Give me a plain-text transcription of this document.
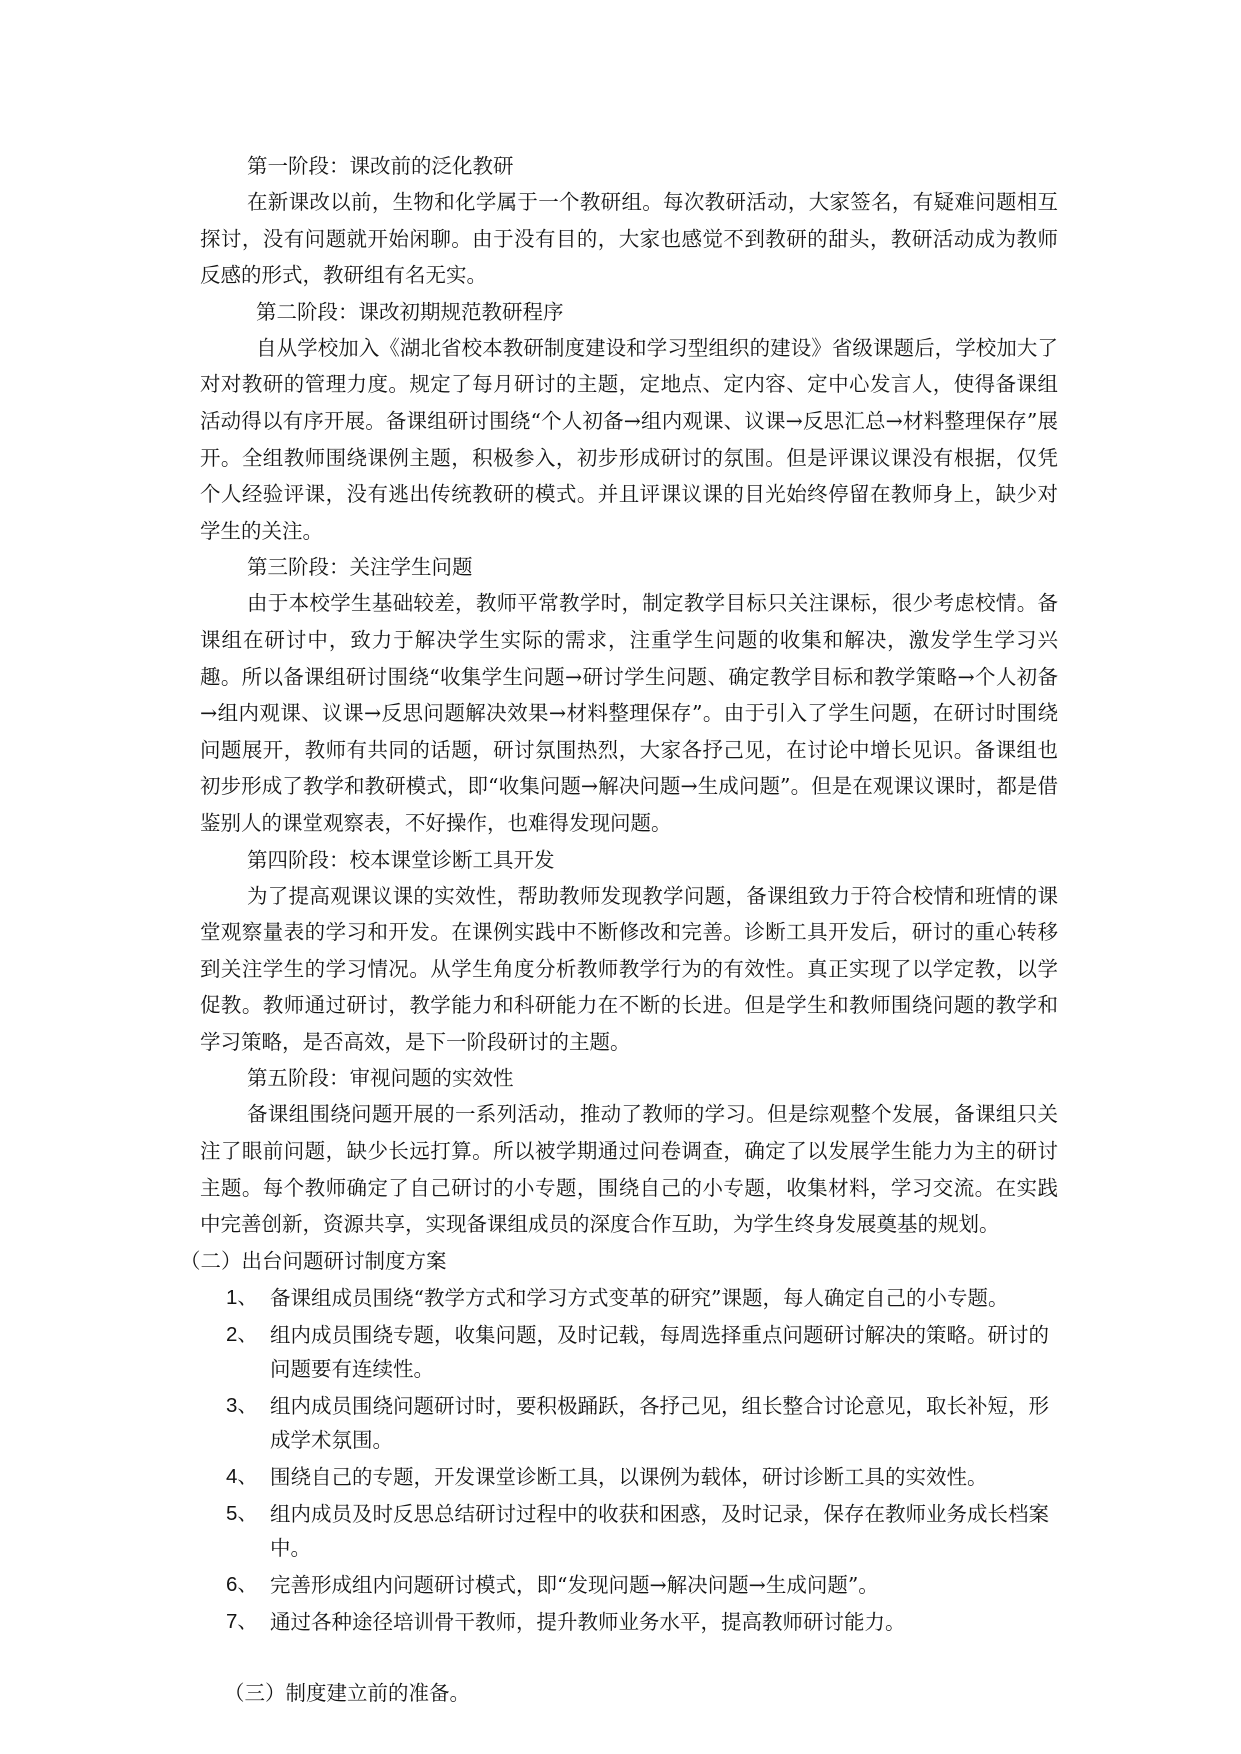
第一阶段：课改前的泛化教研

在新课改以前，生物和化学属于一个教研组。每次教研活动，大家签名，有疑难问题相互探讨，没有问题就开始闲聊。由于没有目的，大家也感觉不到教研的甜头，教研活动成为教师反感的形式，教研组有名无实。

第二阶段：课改初期规范教研程序

自从学校加入《湖北省校本教研制度建设和学习型组织的建设》省级课题后，学校加大了对对教研的管理力度。规定了每月研讨的主题，定地点、定内容、定中心发言人，使得备课组活动得以有序开展。备课组研讨围绕“个人初备→组内观课、议课→反思汇总→材料整理保存”展开。全组教师围绕课例主题，积极参入，初步形成研讨的氛围。但是评课议课没有根据，仅凭个人经验评课，没有逃出传统教研的模式。并且评课议课的目光始终停留在教师身上，缺少对学生的关注。

第三阶段：关注学生问题

由于本校学生基础较差，教师平常教学时，制定教学目标只关注课标，很少考虑校情。备课组在研讨中，致力于解决学生实际的需求，注重学生问题的收集和解决，激发学生学习兴趣。所以备课组研讨围绕“收集学生问题→研讨学生问题、确定教学目标和教学策略→个人初备→组内观课、议课→反思问题解决效果→材料整理保存”。由于引入了学生问题，在研讨时围绕问题展开，教师有共同的话题，研讨氛围热烈，大家各抒己见，在讨论中增长见识。备课组也初步形成了教学和教研模式，即“收集问题→解决问题→生成问题”。但是在观课议课时，都是借鉴别人的课堂观察表，不好操作，也难得发现问题。

第四阶段：校本课堂诊断工具开发

为了提高观课议课的实效性，帮助教师发现教学问题，备课组致力于符合校情和班情的课堂观察量表的学习和开发。在课例实践中不断修改和完善。诊断工具开发后，研讨的重心转移到关注学生的学习情况。从学生角度分析教师教学行为的有效性。真正实现了以学定教，以学促教。教师通过研讨，教学能力和科研能力在不断的长进。但是学生和教师围绕问题的教学和学习策略，是否高效，是下一阶段研讨的主题。

第五阶段：审视问题的实效性

备课组围绕问题开展的一系列活动，推动了教师的学习。但是综观整个发展，备课组只关注了眼前问题，缺少长远打算。所以被学期通过问卷调查，确定了以发展学生能力为主的研讨主题。每个教师确定了自己研讨的小专题，围绕自己的小专题，收集材料，学习交流。在实践中完善创新，资源共享，实现备课组成员的深度合作互助，为学生终身发展奠基的规划。

（二）出台问题研讨制度方案

1、 备课组成员围绕“教学方式和学习方式变革的研究”课题，每人确定自己的小专题。
2、 组内成员围绕专题，收集问题，及时记载，每周选择重点问题研讨解决的策略。研讨的问题要有连续性。
3、 组内成员围绕问题研讨时，要积极踊跃，各抒己见，组长整合讨论意见，取长补短，形成学术氛围。
4、 围绕自己的专题，开发课堂诊断工具，以课例为载体，研讨诊断工具的实效性。
5、 组内成员及时反思总结研讨过程中的收获和困惑，及时记录，保存在教师业务成长档案中。
6、 完善形成组内问题研讨模式，即“发现问题→解决问题→生成问题”。
7、 通过各种途径培训骨干教师，提升教师业务水平，提高教师研讨能力。

（三）制度建立前的准备。
